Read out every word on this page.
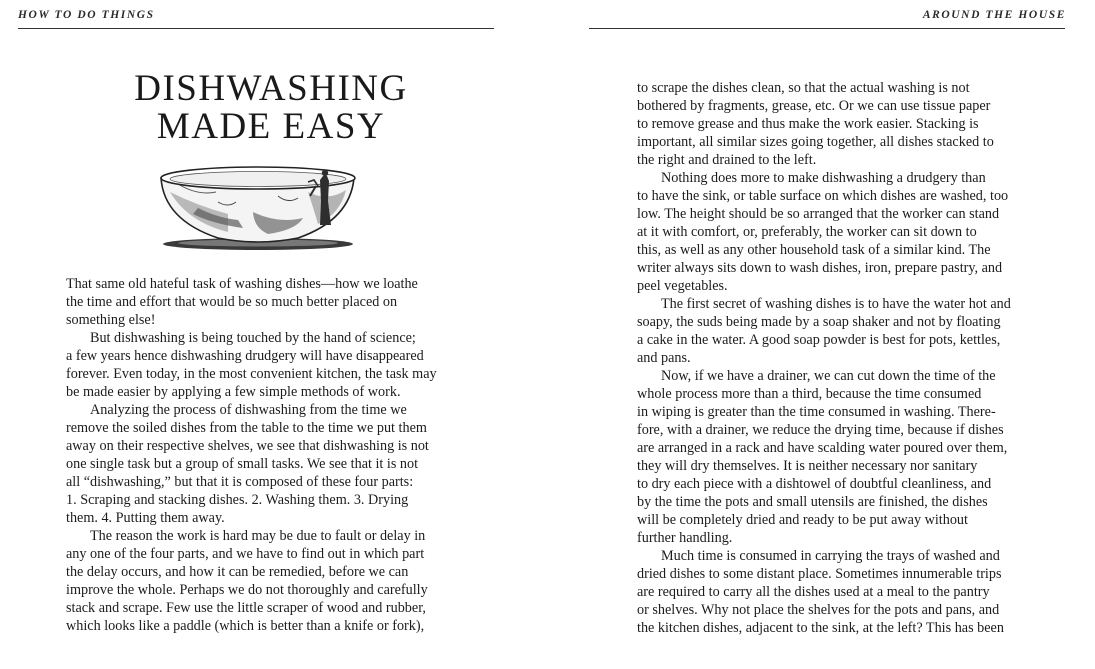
HOW TO DO THINGS
DISHWASHING
MADE EASY
That same old hateful task of washing dishes—how we loathe
the time and effort that would be so much better placed on
something else!
But dishwashing is being touched by the hand of science;
a few years hence dishwashing drudgery will have disappeared
forever. Even today, in the most convenient kitchen, the task may
be made easier by applying a few simple methods of work.
Analyzing the process of dishwashing from the time we
remove the soiled dishes from the table to the time we put them
away on their respective shelves, we see that dishwashing is not
one single task but a group of small tasks. We see that it is not
all “dishwashing,” but that it is composed of these four parts:
1. Scraping and stacking dishes. 2. Washing them. 3. Drying
them. 4. Putting them away.
The reason the work is hard may be due to fault or delay in
any one of the four parts, and we have to find out in which part
the delay occurs, and how it can be remedied, before we can
improve the whole. Perhaps we do not thoroughly and carefully
stack and scrape. Few use the little scraper of wood and rubber,
which looks like a paddle (which is better than a knife or fork),
AROUND THE HOUSE
to scrape the dishes clean, so that the actual washing is not
bothered by fragments, grease, etc. Or we can use tissue paper
to remove grease and thus make the work easier. Stacking is
important, all similar sizes going together, all dishes stacked to
the right and drained to the left.
Nothing does more to make dishwashing a drudgery than
to have the sink, or table surface on which dishes are washed, too
low. The height should be so arranged that the worker can stand
at it with comfort, or, preferably, the worker can sit down to
this, as well as any other household task of a similar kind. The
writer always sits down to wash dishes, iron, prepare pastry, and
peel vegetables.
The first secret of washing dishes is to have the water hot and
soapy, the suds being made by a soap shaker and not by floating
a cake in the water. A good soap powder is best for pots, kettles,
and pans.
Now, if we have a drainer, we can cut down the time of the
whole process more than a third, because the time consumed
in wiping is greater than the time consumed in washing. There-
fore, with a drainer, we reduce the drying time, because if dishes
are arranged in a rack and have scalding water poured over them,
they will dry themselves. It is neither necessary nor sanitary
to dry each piece with a dishtowel of doubtful cleanliness, and
by the time the pots and small utensils are finished, the dishes
will be completely dried and ready to be put away without
further handling.
Much time is consumed in carrying the trays of washed and
dried dishes to some distant place. Sometimes innumerable trips
are required to carry all the dishes used at a meal to the pantry
or shelves. Why not place the shelves for the pots and pans, and
the kitchen dishes, adjacent to the sink, at the left? This has been
